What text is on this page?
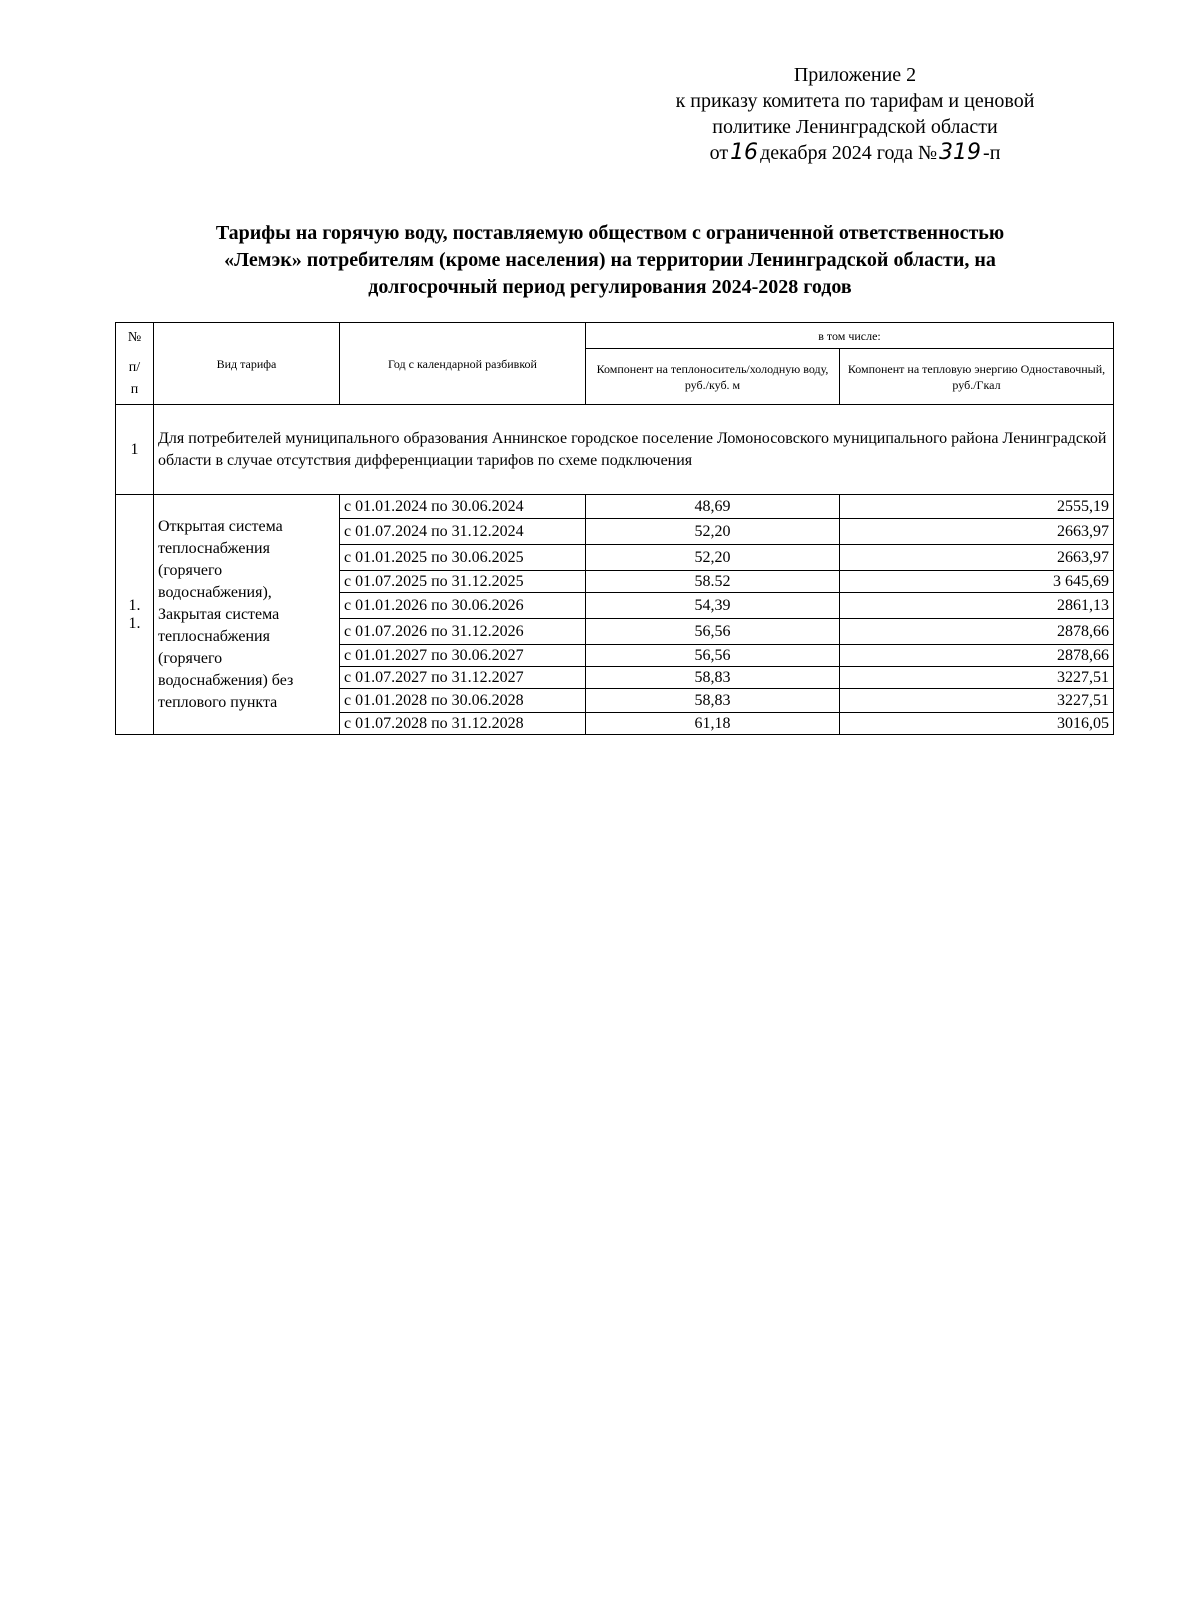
Приложение 2
к приказу комитета по тарифам и ценовой
политике Ленинградской области
от16 декабря 2024 года №319 -п
Тарифы на горячую воду, поставляемую обществом с ограниченной ответственностью
«Лемэк» потребителям (кроме населения) на территории Ленинградской области, на
долгосрочный период регулирования 2024-2028 годов
№
п/
п	Вид тарифа	Год с календарной разбивкой	в том числе:	
			Компонент на теплоноситель/холодную воду, руб./куб. м	Компонент на тепловую энергию Одноставочный, руб./Гкал
1	Для потребителей муниципального образования Аннинское городское поселение Ломоносовского муниципального района Ленинградской области в случае отсутствия дифференциации тарифов по схеме подключения			

1.
1.	Открытая система теплоснабжения (горячего водоснабжения), Закрытая система теплоснабжения (горячего водоснабжения) без теплового пункта	с 01.01.2024 по 30.06.2024	48,69	2555,19
		с 01.07.2024 по 31.12.2024	52,20	2663,97
		с 01.01.2025 по 30.06.2025	52,20	2663,97
		с 01.07.2025 по 31.12.2025	58.52	3 645,69
		с 01.01.2026 по 30.06.2026	54,39	2861,13
		с 01.07.2026 по 31.12.2026	56,56	2878,66
		с 01.01.2027 по 30.06.2027	56,56	2878,66
		с 01.07.2027 по 31.12.2027	58,83	3227,51
		с 01.01.2028 по 30.06.2028	58,83	3227,51
		с 01.07.2028 по 31.12.2028	61,18	3016,05
